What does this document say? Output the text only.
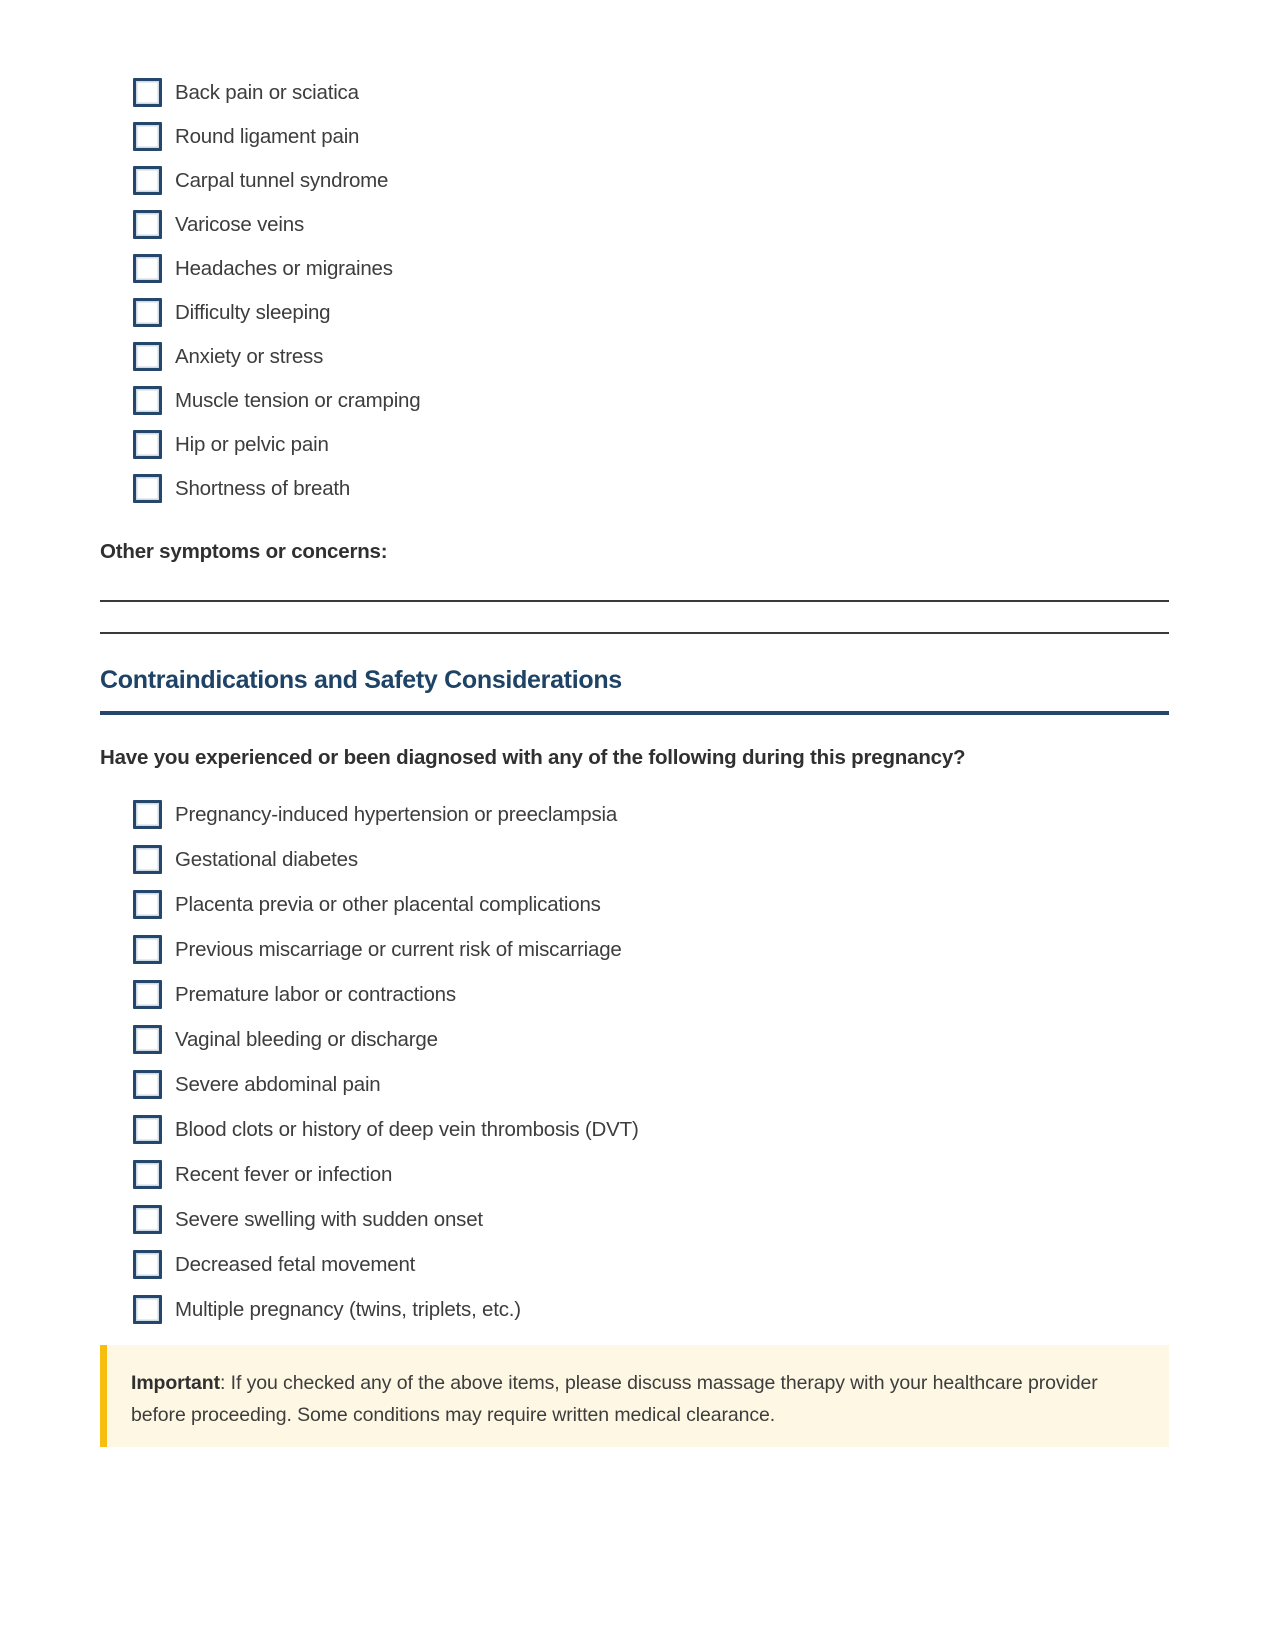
Back pain or sciatica
Round ligament pain
Carpal tunnel syndrome
Varicose veins
Headaches or migraines
Difficulty sleeping
Anxiety or stress
Muscle tension or cramping
Hip or pelvic pain
Shortness of breath
Other symptoms or concerns:
Contraindications and Safety Considerations
Have you experienced or been diagnosed with any of the following during this pregnancy?
Pregnancy-induced hypertension or preeclampsia
Gestational diabetes
Placenta previa or other placental complications
Previous miscarriage or current risk of miscarriage
Premature labor or contractions
Vaginal bleeding or discharge
Severe abdominal pain
Blood clots or history of deep vein thrombosis (DVT)
Recent fever or infection
Severe swelling with sudden onset
Decreased fetal movement
Multiple pregnancy (twins, triplets, etc.)
Important: If you checked any of the above items, please discuss massage therapy with your healthcare provider before proceeding. Some conditions may require written medical clearance.
